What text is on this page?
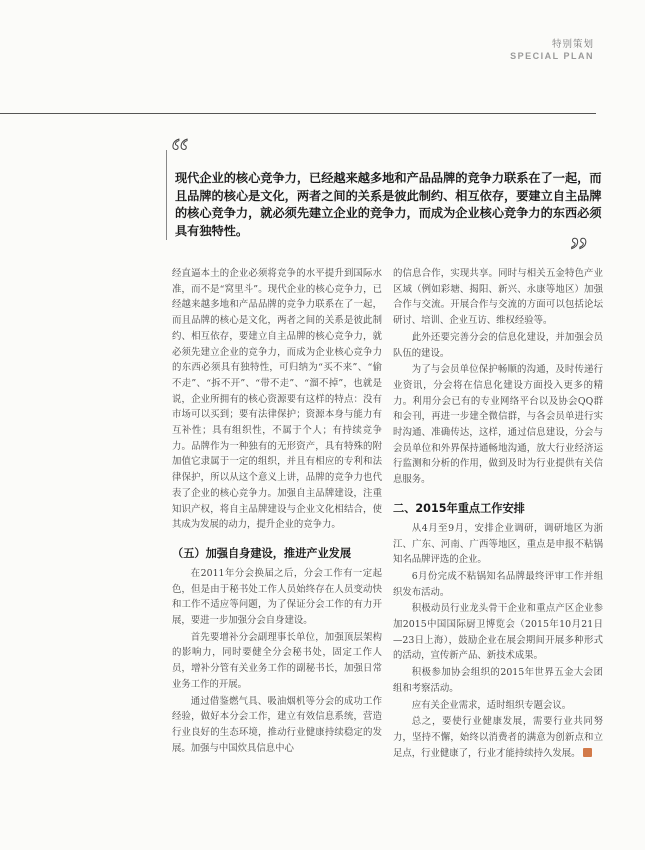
特别策划
SPECIAL PLAN
“

现代企业的核心竞争力，已经越来越多地和产品品牌的竞争力联系在了一起，而且品牌的核心是文化，两者之间的关系是彼此制约、相互依存，要建立自主品牌的核心竞争力，就必须先建立企业的竞争力，而成为企业核心竞争力的东西必须具有独特性。	”

经直逼本土的企业必须将竞争的水平提升到国际水准，而不是“窝里斗”。现代企业的核心竞争力，已经越来越多地和产品品牌的竞争力联系在了一起，而且品牌的核心是文化，两者之间的关系是彼此制约、相互依存，要建立自主品牌的核心竞争力，就必须先建立企业的竞争力，而成为企业核心竞争力的东西必须具有独特性，可归纳为“买不来”、“偷不走”、“拆不开”、“带不走”、“溜不掉”，也就是说，企业所拥有的核心资源要有这样的特点：没有市场可以买到；要有法律保护；资源本身与能力有互补性；具有组织性，不属于个人；有持续竞争力。品牌作为一种独有的无形资产，具有特殊的附加值它隶属于一定的组织，并且有相应的专利和法律保护，所以从这个意义上讲，品牌的竞争力也代表了企业的核心竞争力。加强自主品牌建设，注重知识产权，将自主品牌建设与企业文化相结合，使其成为发展的动力，提升企业的竞争力。

（五）加强自身建设，推进产业发展

在2011年分会换届之后，分会工作有一定起色，但是由于秘书处工作人员始终存在人员变动快和工作不适应等问题，为了保证分会工作的有力开展，要进一步加强分会自身建设。

首先要增补分会副理事长单位，加强顶层架构的影响力，同时要健全分会秘书处，固定工作人员，增补分管有关业务工作的副秘书长，加强日常业务工作的开展。

通过借鉴燃气具、吸油烟机等分会的成功工作经验，做好本分会工作，建立有效信息系统，营造行业良好的生态环境，推动行业健康持续稳定的发展。加强与中国炊具信息中心

的信息合作，实现共享。同时与相关五金特色产业区域（例如彩塘、揭阳、新兴、永康等地区）加强合作与交流。开展合作与交流的方面可以包括论坛研讨、培训、企业互访、维权经验等。

此外还要完善分会的信息化建设，并加强会员队伍的建设。

为了与会员单位保护畅顺的沟通，及时传递行业资讯，分会将在信息化建设方面投入更多的精力。利用分会已有的专业网络平台以及协会QQ群和会刊，再进一步建全微信群，与各会员单进行实时沟通、准确传达，这样，通过信息建设，分会与会员单位和外界保持通畅地沟通，放大行业经济运行监测和分析的作用，做到及时为行业提供有关信息服务。

二、2015年重点工作安排

从4月至9月，安排企业调研，调研地区为浙江、广东、河南、广西等地区，重点是申报不粘锅知名品牌评选的企业。

6月份完成不粘锅知名品牌最终评审工作并组织发布活动。

积极动员行业龙头骨干企业和重点产区企业参加2015中国国际厨卫博览会（2015年10月21日—23日上海），鼓励企业在展会期间开展多种形式的活动，宣传新产品、新技术成果。

积极参加协会组织的2015年世界五金大会团组和考察活动。

应有关企业需求，适时组织专题会议。

总之，要使行业健康发展，需要行业共同努力，坚持不懈，始终以消费者的满意为创新点和立足点，行业健康了，行业才能持续持久发展。
